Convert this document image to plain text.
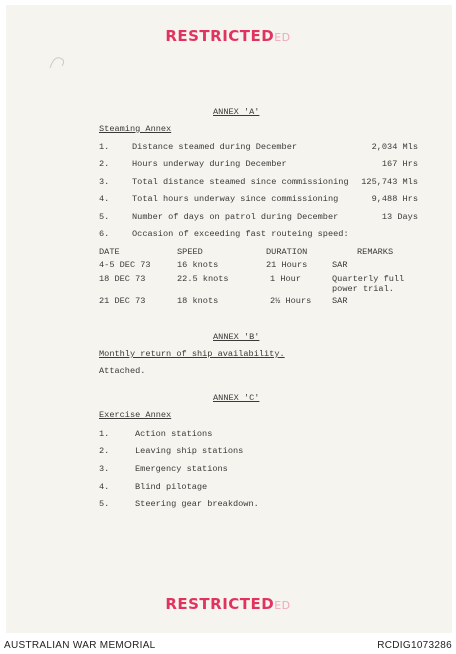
RESTRICTEDED
ANNEX 'A'
Steaming Annex
1.	Distance steamed during December	2,034 Mls
2.	Hours underway during December	167 Hrs
3.	Total distance steamed since commissioning	125,743 Mls
4.	Total hours underway since commissioning	9,488 Hrs
5.	Number of days on patrol during December	13 Days
6.	Occasion of exceeding fast routeing speed:
DATE	SPEED	DURATION	REMARKS
4-5 DEC 73	16 knots	21 Hours	SAR
18 DEC 73	22.5 knots	1 Hour	Quarterly full
power trial.
21 DEC 73	18 knots	2½ Hours SAR
ANNEX 'B'
Monthly return of ship availability.
Attached.
ANNEX 'C'
Exercise Annex
1.	Action stations
2.	Leaving ship stations
3.	Emergency stations
4.	Blind pilotage
5.	Steering gear breakdown.
RESTRICTEDED
AUSTRALIAN WAR MEMORIAL	RCDIG1073286
